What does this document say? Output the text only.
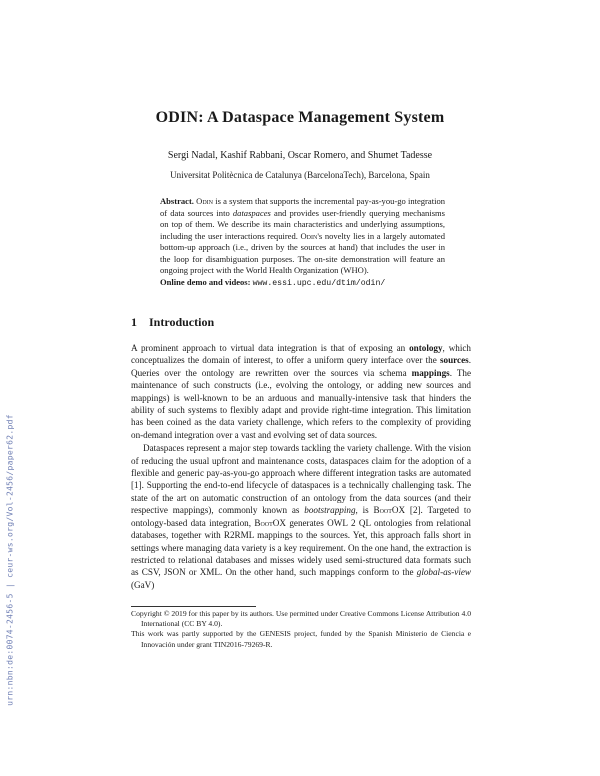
urn:nbn:de:0074-2456-5 | ceur-ws.org/Vol-2456/paper62.pdf
ODIN: A Dataspace Management System
Sergi Nadal, Kashif Rabbani, Oscar Romero, and Shumet Tadesse
Universitat Politècnica de Catalunya (BarcelonaTech), Barcelona, Spain
Abstract. Odin is a system that supports the incremental pay-as-you-go integration of data sources into dataspaces and provides user-friendly querying mechanisms on top of them. We describe its main characteristics and underlying assumptions, including the user interactions required. Odin's novelty lies in a largely automated bottom-up approach (i.e., driven by the sources at hand) that includes the user in the loop for disambiguation purposes. The on-site demonstration will feature an ongoing project with the World Health Organization (WHO).
Online demo and videos: www.essi.upc.edu/dtim/odin/
1 Introduction

A prominent approach to virtual data integration is that of exposing an ontology, which conceptualizes the domain of interest, to offer a uniform query interface over the sources. Queries over the ontology are rewritten over the sources via schema mappings. The maintenance of such constructs (i.e., evolving the ontology, or adding new sources and mappings) is well-known to be an arduous and manually-intensive task that hinders the ability of such systems to flexibly adapt and provide right-time integration. This limitation has been coined as the data variety challenge, which refers to the complexity of providing on-demand integration over a vast and evolving set of data sources.

Dataspaces represent a major step towards tackling the variety challenge. With the vision of reducing the usual upfront and maintenance costs, dataspaces claim for the adoption of a flexible and generic pay-as-you-go approach where different integration tasks are automated [1]. Supporting the end-to-end lifecycle of dataspaces is a technically challenging task. The state of the art on automatic construction of an ontology from the data sources (and their respective mappings), commonly known as bootstrapping, is BootOX [2]. Targeted to ontology-based data integration, BootOX generates OWL 2 QL ontologies from relational databases, together with R2RML mappings to the sources. Yet, this approach falls short in settings where managing data variety is a key requirement. On the one hand, the extraction is restricted to relational databases and misses widely used semi-structured data formats such as CSV, JSON or XML. On the other hand, such mappings conform to the global-as-view (GaV)

Copyright © 2019 for this paper by its authors. Use permitted under Creative Commons License Attribution 4.0 International (CC BY 4.0).

This work was partly supported by the GENESIS project, funded by the Spanish Ministerio de Ciencia e Innovación under grant TIN2016-79269-R.
